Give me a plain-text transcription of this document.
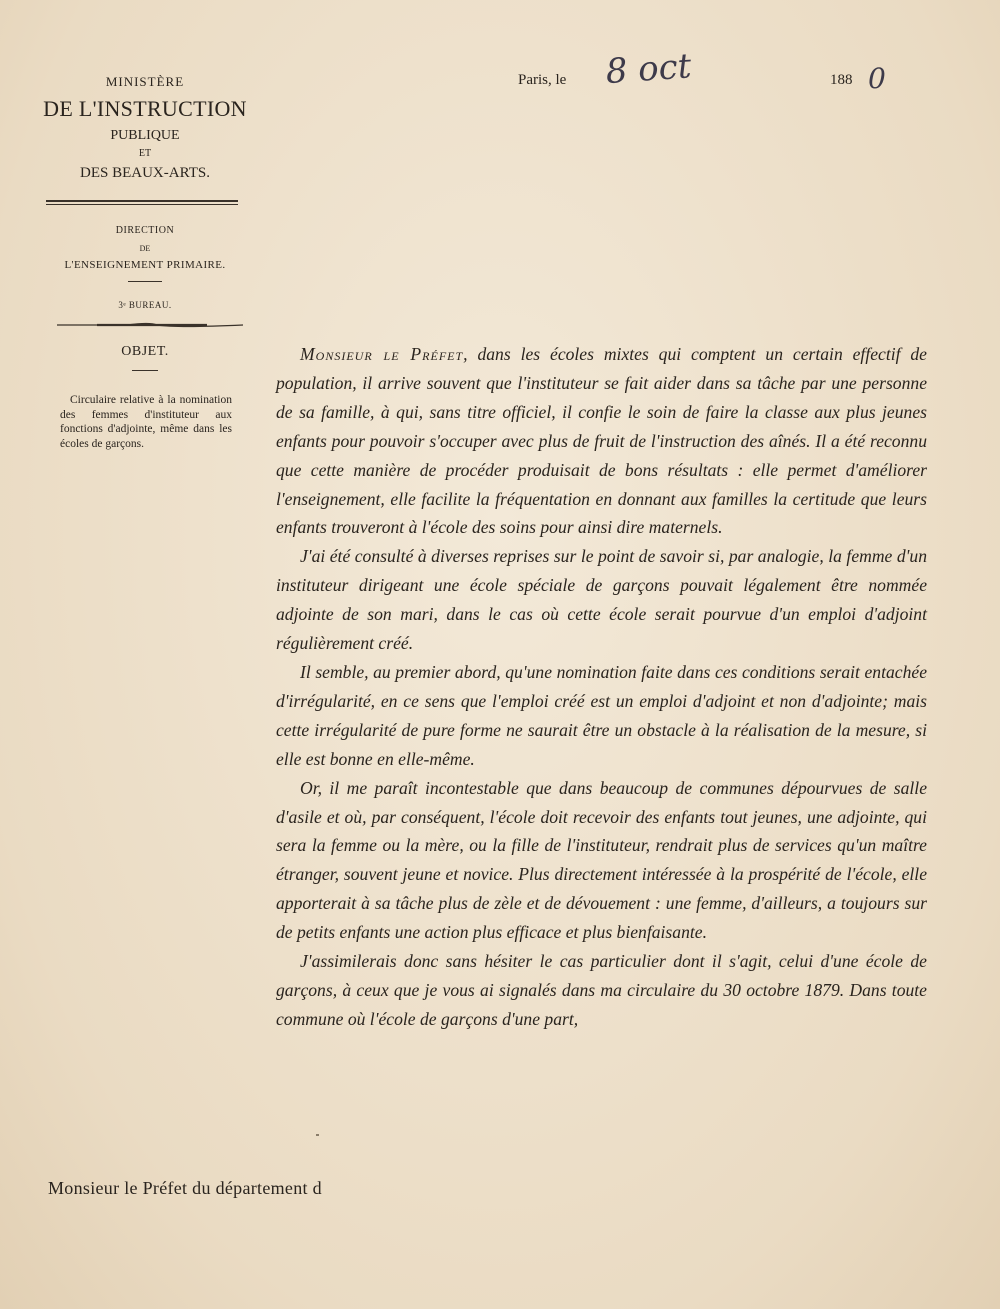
MINISTÈRE
DE L'INSTRUCTION
PUBLIQUE
ET
DES BEAUX-ARTS.
DIRECTION
DE
L'ENSEIGNEMENT PRIMAIRE.
3ᵉ BUREAU.
OBJET.
Circulaire relative à la nomination des femmes d'instituteur aux fonctions d'adjointe, même dans les écoles de garçons.
Paris, le 8 oct	188 0

Monsieur le Préfet, dans les écoles mixtes qui comptent un certain effectif de population, il arrive souvent que l'instituteur se fait aider dans sa tâche par une personne de sa famille, à qui, sans titre officiel, il confie le soin de faire la classe aux plus jeunes enfants pour pouvoir s'occuper avec plus de fruit de l'instruction des aînés. Il a été reconnu que cette manière de procéder produisait de bons résultats : elle permet d'améliorer l'enseignement, elle facilite la fréquentation en donnant aux familles la certitude que leurs enfants trouveront à l'école des soins pour ainsi dire maternels.

J'ai été consulté à diverses reprises sur le point de savoir si, par analogie, la femme d'un instituteur dirigeant une école spéciale de garçons pouvait légalement être nommée adjointe de son mari, dans le cas où cette école serait pourvue d'un emploi d'adjoint régulièrement créé.

Il semble, au premier abord, qu'une nomination faite dans ces conditions serait entachée d'irrégularité, en ce sens que l'emploi créé est un emploi d'adjoint et non d'adjointe; mais cette irrégularité de pure forme ne saurait être un obstacle à la réalisation de la mesure, si elle est bonne en elle-même.

Or, il me paraît incontestable que dans beaucoup de communes dépourvues de salle d'asile et où, par conséquent, l'école doit recevoir des enfants tout jeunes, une adjointe, qui sera la femme ou la mère, ou la fille de l'instituteur, rendrait plus de services qu'un maître étranger, souvent jeune et novice. Plus directement intéressée à la prospérité de l'école, elle apporterait à sa tâche plus de zèle et de dévouement : une femme, d'ailleurs, a toujours sur de petits enfants une action plus efficace et plus bienfaisante.

J'assimilerais donc sans hésiter le cas particulier dont il s'agit, celui d'une école de garçons, à ceux que je vous ai signalés dans ma circulaire du 30 octobre 1879. Dans toute commune où l'école de garçons d'une part,

Monsieur le Préfet du département d
